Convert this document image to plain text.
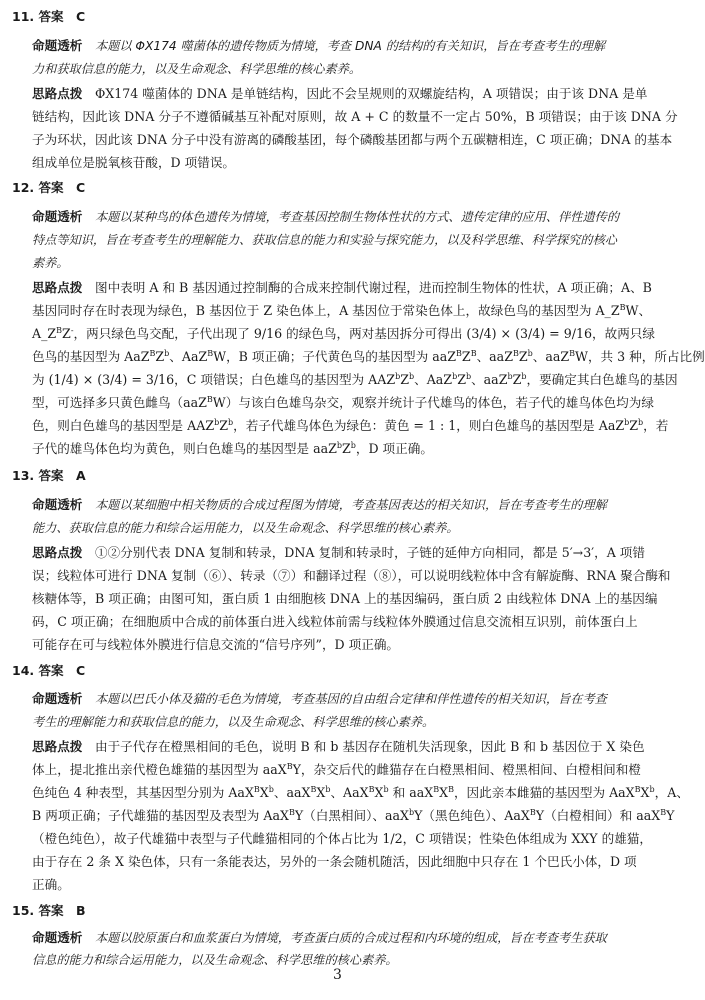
11. 答案　C
命题透析　 本题以 ΦX174 噬菌体的遗传物质为情境，考查 DNA 的结构的有关知识，旨在考查考生的理解
力和获取信息的能力，以及生命观念、科学思维的核心素养。
思路点拨　 ΦX174 噬菌体的 DNA 是单链结构，因此不会呈规则的双螺旋结构，A 项错误；由于该 DNA 是单
链结构，因此该 DNA 分子不遵循碱基互补配对原则，故 A + C 的数量不一定占 50%，B 项错误；由于该 DNA 分
子为环状，因此该 DNA 分子中没有游离的磷酸基团，每个磷酸基团都与两个五碳糖相连，C 项正确；DNA 的基本
组成单位是脱氧核苷酸，D 项错误。
12. 答案　C
命题透析　 本题以某种鸟的体色遗传为情境，考查基因控制生物体性状的方式、遗传定律的应用、伴性遗传的
特点等知识，旨在考查考生的理解能力、获取信息的能力和实验与探究能力，以及科学思维、科学探究的核心
素养。
思路点拨　 图中表明 A 和 B 基因通过控制酶的合成来控制代谢过程，进而控制生物体的性状，A 项正确；A、B
基因同时存在时表现为绿色，B 基因位于 Z 染色体上，A 基因位于常染色体上，故绿色鸟的基因型为 $A\_Z^BW$、
$A\_Z^BZ^-$，两只绿色鸟交配，子代出现了 9/16 的绿色鸟，两对基因拆分可得出 (3/4) × (3/4) = 9/16，故两只绿
色鸟的基因型为 $AaZ^BZ^b$、AaZ$^B$W，B 项正确；子代黄色鸟的基因型为 $aaZ^BZ^B$、$aaZ^BZ^b$、aaZ$^B$W，共 3 种，所占比例
为 (1/4) × (3/4) = 3/16，C 项错误；白色雄鸟的基因型为 $AAZ^bZ^b$、$AaZ^bZ^b$、$aaZ^bZ^b$，要确定其白色雄鸟的基因
型，可选择多只黄色雌鸟（aaZ$^B$W）与该白色雄鸟杂交，观察并统计子代雄鸟的体色，若子代的雄鸟体色均为绿
色，则白色雄鸟的基因型是 $AAZ^bZ^b$，若子代雄鸟体色为绿色：黄色 = 1 : 1，则白色雄鸟的基因型是 $AaZ^bZ^b$，若
子代的雄鸟体色均为黄色，则白色雄鸟的基因型是 $aaZ^bZ^b$，D 项正确。
13. 答案　A
命题透析　 本题以某细胞中相关物质的合成过程图为情境，考查基因表达的相关知识，旨在考查考生的理解
能力、获取信息的能力和综合运用能力，以及生命观念、科学思维的核心素养。
思路点拨　 ①②分别代表 DNA 复制和转录，DNA 复制和转录时，子链的延伸方向相同，都是 5′→3′，A 项错
误；线粒体可进行 DNA 复制（⑥）、转录（⑦）和翻译过程（⑧），可以说明线粒体中含有解旋酶、RNA 聚合酶和
核糖体等，B 项正确；由图可知，蛋白质 1 由细胞核 DNA 上的基因编码，蛋白质 2 由线粒体 DNA 上的基因编
码，C 项正确；在细胞质中合成的前体蛋白进入线粒体前需与线粒体外膜通过信息交流相互识别，前体蛋白上
可能存在可与线粒体外膜进行信息交流的“信号序列”，D 项正确。
14. 答案　C
命题透析　 本题以巴氏小体及猫的毛色为情境，考查基因的自由组合定律和伴性遗传的相关知识，旨在考查
考生的理解能力和获取信息的能力，以及生命观念、科学思维的核心素养。
思路点拨　 由于子代存在橙黑相间的毛色，说明 B 和 b 基因存在随机失活现象，因此 B 和 b 基因位于 X 染色
体上，提北推出亲代橙色雄猫的基因型为 aaX$^B$Y，杂交后代的雌猫存在白橙黑相间、橙黑相间、白橙相间和橙
色纯色 4 种表型，其基因型分别为 $AaX^BX^b$、$aaX^BX^b$、$AaX^BX^b$ 和 $aaX^BX^B$，因此亲本雌猫的基因型为 $AaX^BX^b$，A、
B 两项正确；子代雄猫的基因型及表型为 AaX$^B$Y（白黑相间）、aaX$^b$Y（黑色纯色）、AaX$^B$Y（白橙相间）和 aaX$^B$Y
（橙色纯色），故子代雄猫中表型与子代雌猫相同的个体占比为 1/2，C 项错误；性染色体组成为 XXY 的雄猫，
由于存在 2 条 X 染色体，只有一条能表达，另外的一条会随机随活，因此细胞中只存在 1 个巴氏小体，D 项
正确。
15. 答案　B
命题透析　 本题以胶原蛋白和血浆蛋白为情境，考查蛋白质的合成过程和内环境的组成，旨在考查考生获取
信息的能力和综合运用能力，以及生命观念、科学思维的核心素养。
3
